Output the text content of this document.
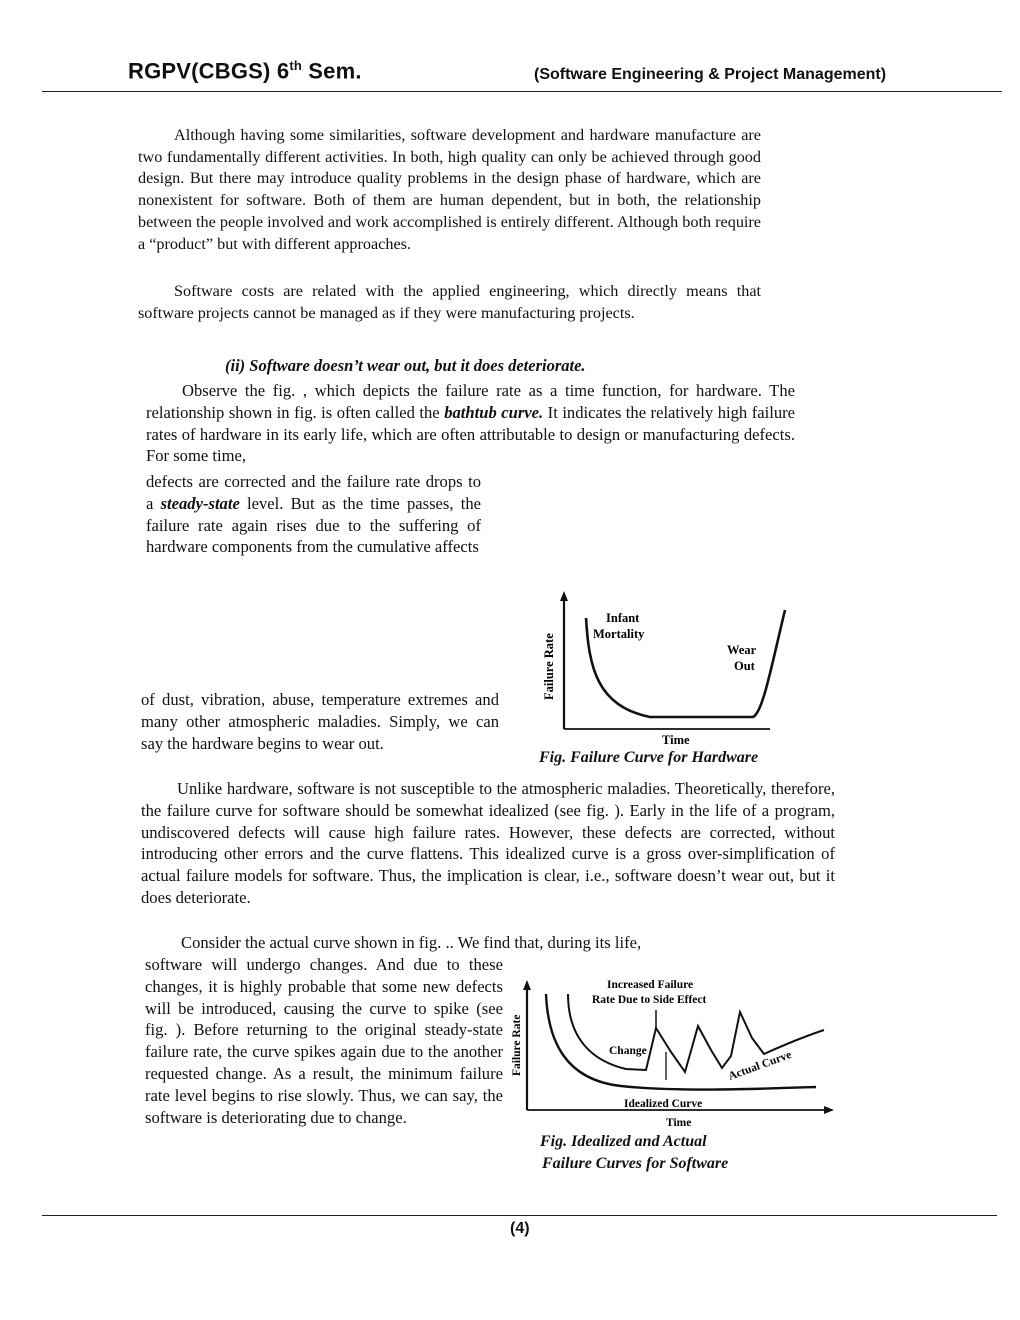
RGPV(CBGS) 6th Sem.	(Software Engineering & Project Management)

Although having some similarities, software development and hardware manufacture are two fundamentally different activities. In both, high quality can only be achieved through good design. But there may introduce quality problems in the design phase of hardware, which are nonexistent for software. Both of them are human dependent, but in both, the relationship between the people involved and work accomplished is entirely different. Although both require a “product” but with different approaches.

Software costs are related with the applied engineering, which directly means that software projects cannot be managed as if they were manufacturing projects.

(ii) Software doesn’t wear out, but it does deteriorate.

Observe the fig. , which depicts the failure rate as a time function, for hardware. The relationship shown in fig. is often called the bathtub curve. It indicates the relatively high failure rates of hardware in its early life, which are often attributable to design or manufacturing defects. For some time,

defects are corrected and the failure rate drops to a steady-state level. But as the time passes, the failure rate again rises due to the suffering of hardware components from the cumulative affects

of dust, vibration, abuse, temperature extremes and many other atmospheric maladies. Simply, we can say the hardware begins to wear out.

Unlike hardware, software is not susceptible to the atmospheric maladies. Theoretically, therefore, the failure curve for software should be somewhat idealized (see fig. ). Early in the life of a program, undiscovered defects will cause high failure rates. However, these defects are corrected, without introducing other errors and the curve flattens. This idealized curve is a gross over-simplification of actual failure models for software. Thus, the implication is clear, i.e., software doesn’t wear out, but it does deteriorate.

Consider the actual curve shown in fig. .. We find that, during its life,

software will undergo changes. And due to these changes, it is highly probable that some new defects will be introduced, causing the curve to spike (see fig. ). Before returning to the original steady-state failure rate, the curve spikes again due to the another requested change. As a result, the minimum failure rate level begins to rise slowly. Thus, we can say, the software is deteriorating due to change.

Failure Rate
Infant
Mortality
Wear
Out
Time
Fig. Failure Curve for Hardware
Failure Rate
Increased Failure
Rate Due to Side Effect
Change	Actual Curve
Idealized Curve
Time
Fig. Idealized and Actual
Failure Curves for Software
(4)
